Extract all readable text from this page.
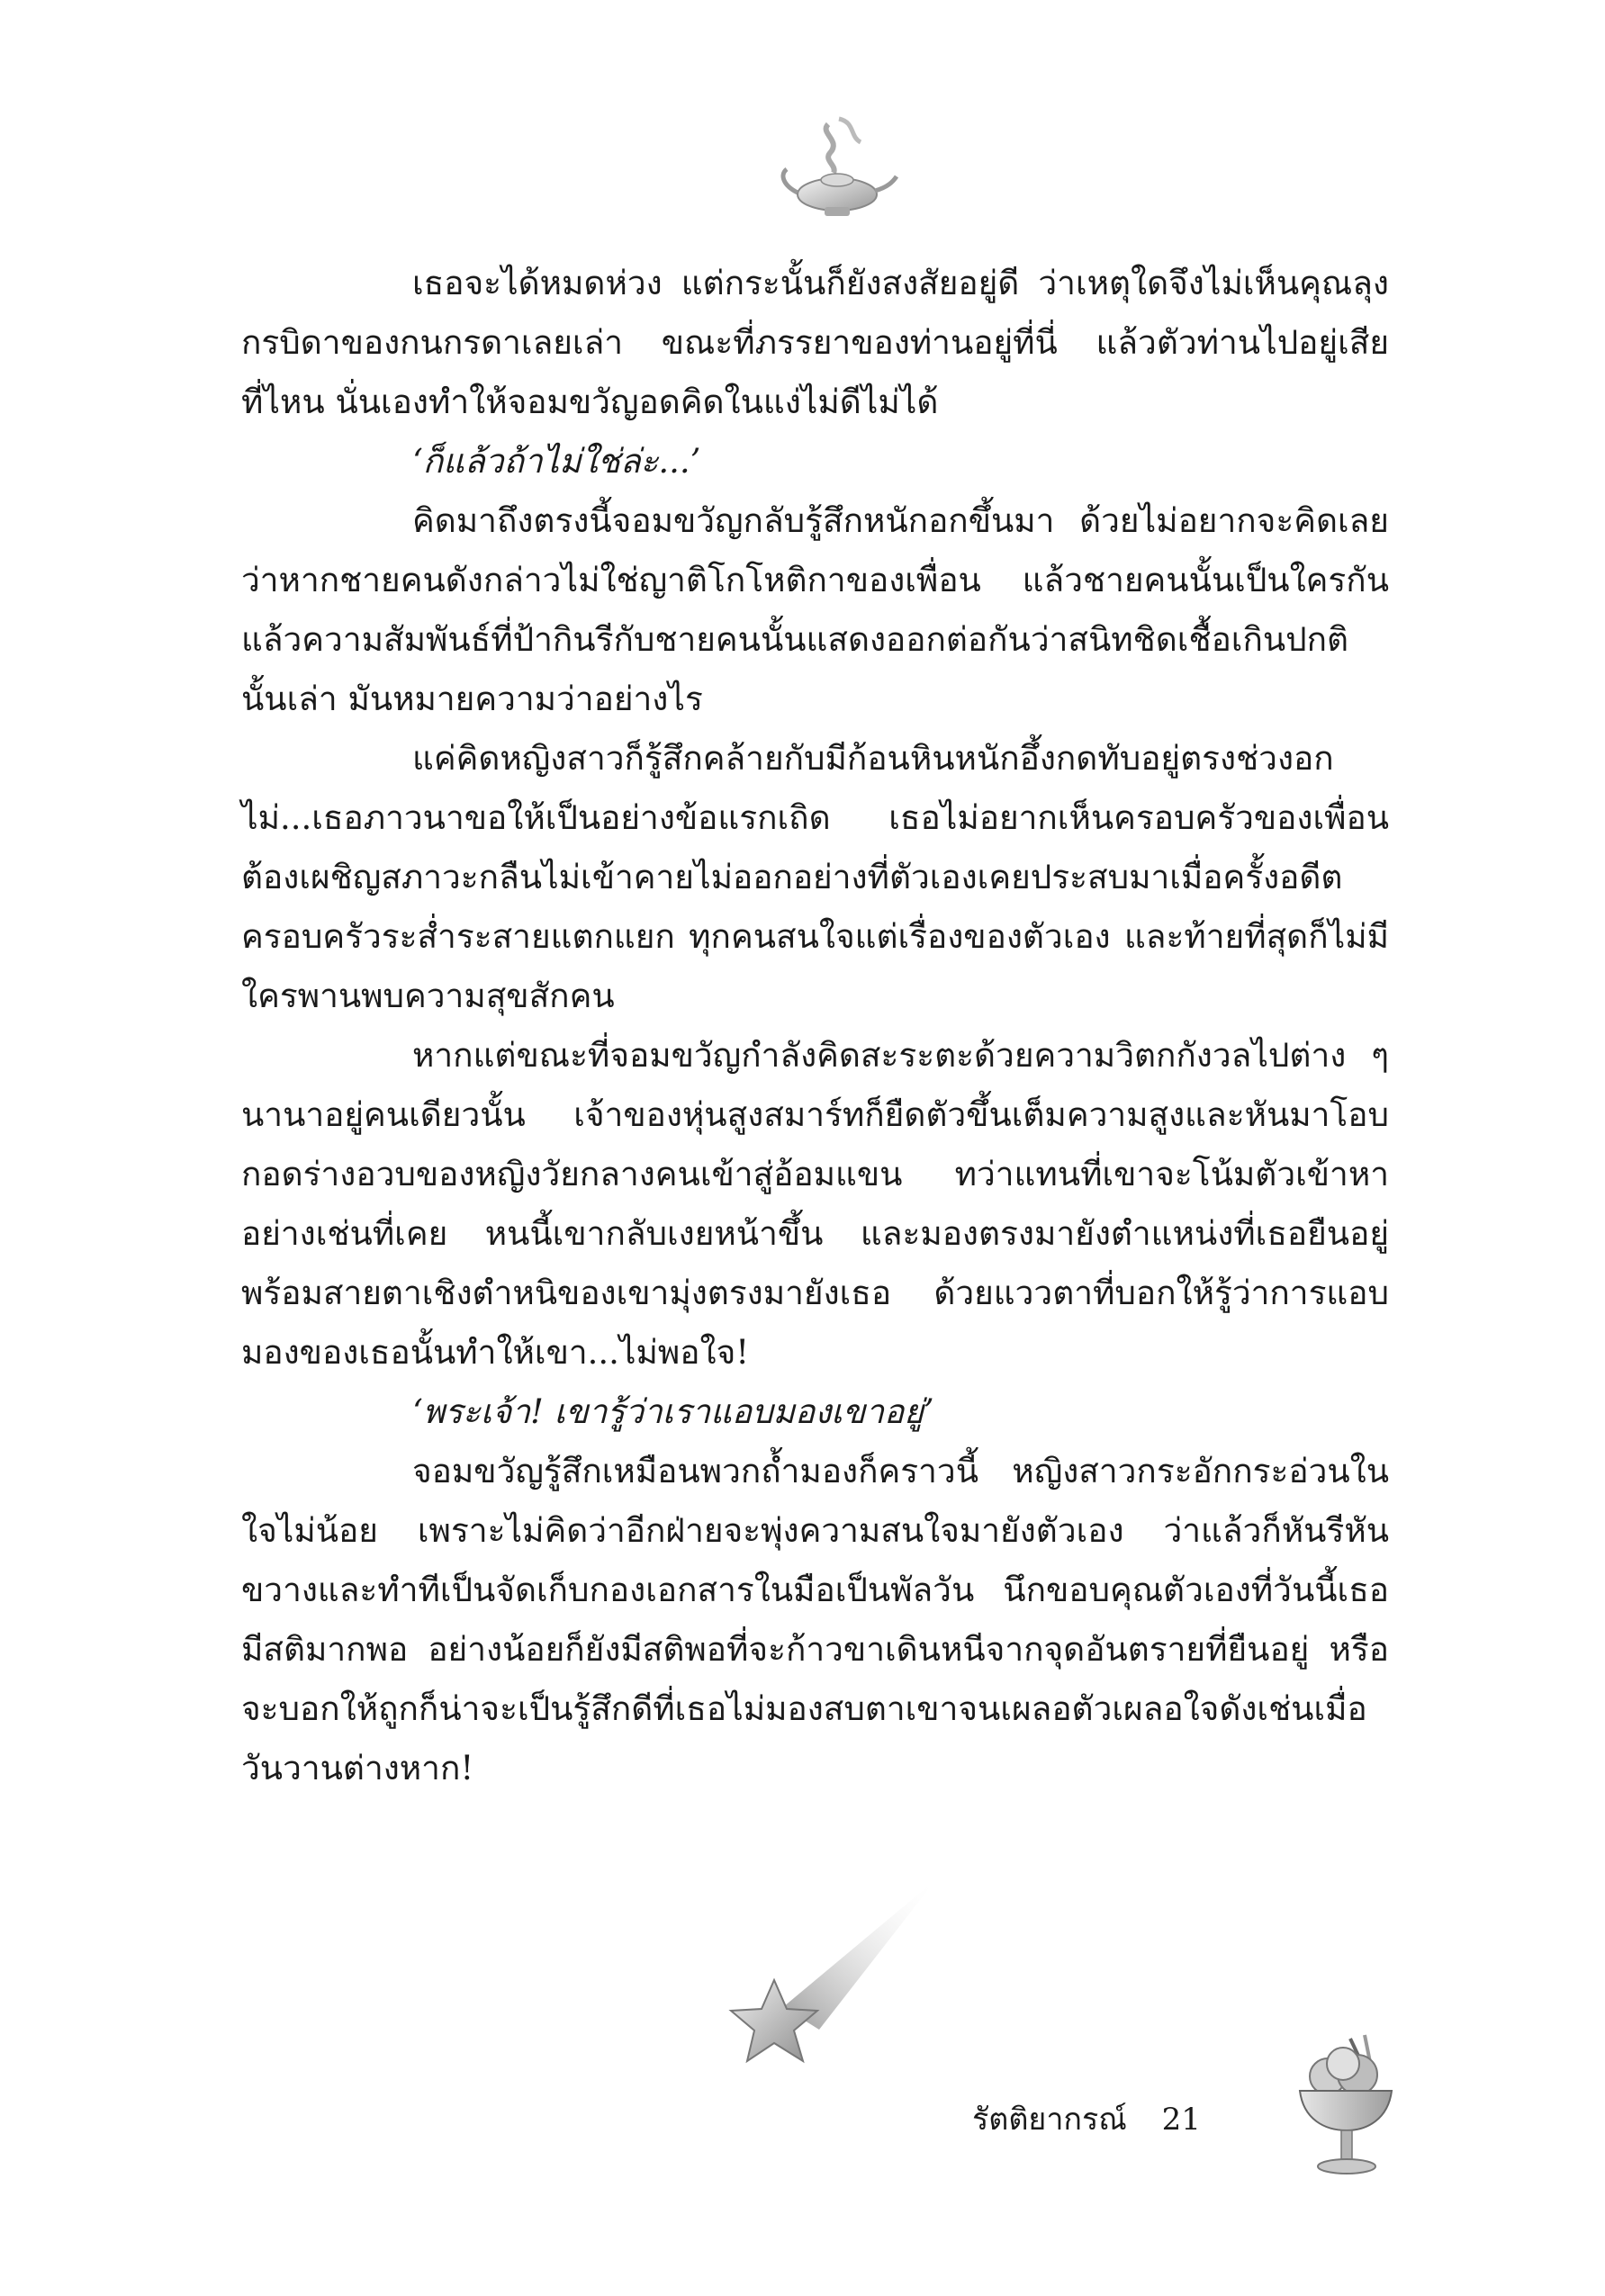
เธอจะได้หมดห่วง แต่กระนั้นก็ยังสงสัยอยู่ดี ว่าเหตุใดจึงไม่เห็นคุณลุงกรบิดาของกนกรดาเลยเล่า ขณะที่ภรรยาของท่านอยู่ที่นี่ แล้วตัวท่านไปอยู่เสียที่ไหน นั่นเองทำให้จอมขวัญอดคิดในแง่ไม่ดีไม่ได้

‘ก็แล้วถ้าไม่ใช่ล่ะ...’

คิดมาถึงตรงนี้จอมขวัญกลับรู้สึกหนักอกขึ้นมา ด้วยไม่อยากจะคิดเลยว่าหากชายคนดังกล่าวไม่ใช่ญาติโกโหติกาของเพื่อน แล้วชายคนนั้นเป็นใครกัน แล้วความสัมพันธ์ที่ป้ากินรีกับชายคนนั้นแสดงออกต่อกันว่าสนิทชิดเชื้อเกินปกตินั้นเล่า มันหมายความว่าอย่างไร

แค่คิดหญิงสาวก็รู้สึกคล้ายกับมีก้อนหินหนักอึ้งกดทับอยู่ตรงช่วงอกไม่...เธอภาวนาขอให้เป็นอย่างข้อแรกเถิด เธอไม่อยากเห็นครอบครัวของเพื่อนต้องเผชิญสภาวะกลืนไม่เข้าคายไม่ออกอย่างที่ตัวเองเคยประสบมาเมื่อครั้งอดีต ครอบครัวระส่ำระสายแตกแยก ทุกคนสนใจแต่เรื่องของตัวเอง และท้ายที่สุดก็ไม่มีใครพานพบความสุขสักคน

หากแต่ขณะที่จอมขวัญกำลังคิดสะระตะด้วยความวิตกกังวลไปต่าง ๆ นานาอยู่คนเดียวนั้น เจ้าของหุ่นสูงสมาร์ทก็ยืดตัวขึ้นเต็มความสูงและหันมาโอบกอดร่างอวบของหญิงวัยกลางคนเข้าสู่อ้อมแขน ทว่าแทนที่เขาจะโน้มตัวเข้าหาอย่างเช่นที่เคย หนนี้เขากลับเงยหน้าขึ้น และมองตรงมายังตำแหน่งที่เธอยืนอยู่ พร้อมสายตาเชิงตำหนิของเขามุ่งตรงมายังเธอ ด้วยแววตาที่บอกให้รู้ว่าการแอบมองของเธอนั้นทำให้เขา...ไม่พอใจ!

‘พระเจ้า! เขารู้ว่าเราแอบมองเขาอยู่’

จอมขวัญรู้สึกเหมือนพวกถ้ำมองก็คราวนี้ หญิงสาวกระอักกระอ่วนในใจไม่น้อย เพราะไม่คิดว่าอีกฝ่ายจะพุ่งความสนใจมายังตัวเอง ว่าแล้วก็หันรีหันขวางและทำทีเป็นจัดเก็บกองเอกสารในมือเป็นพัลวัน นึกขอบคุณตัวเองที่วันนี้เธอมีสติมากพอ อย่างน้อยก็ยังมีสติพอที่จะก้าวขาเดินหนีจากจุดอันตรายที่ยืนอยู่ หรือจะบอกให้ถูกก็น่าจะเป็นรู้สึกดีที่เธอไม่มองสบตาเขาจนเผลอตัวเผลอใจดังเช่นเมื่อวันวานต่างหาก!

รัตติยากรณ์ 21
